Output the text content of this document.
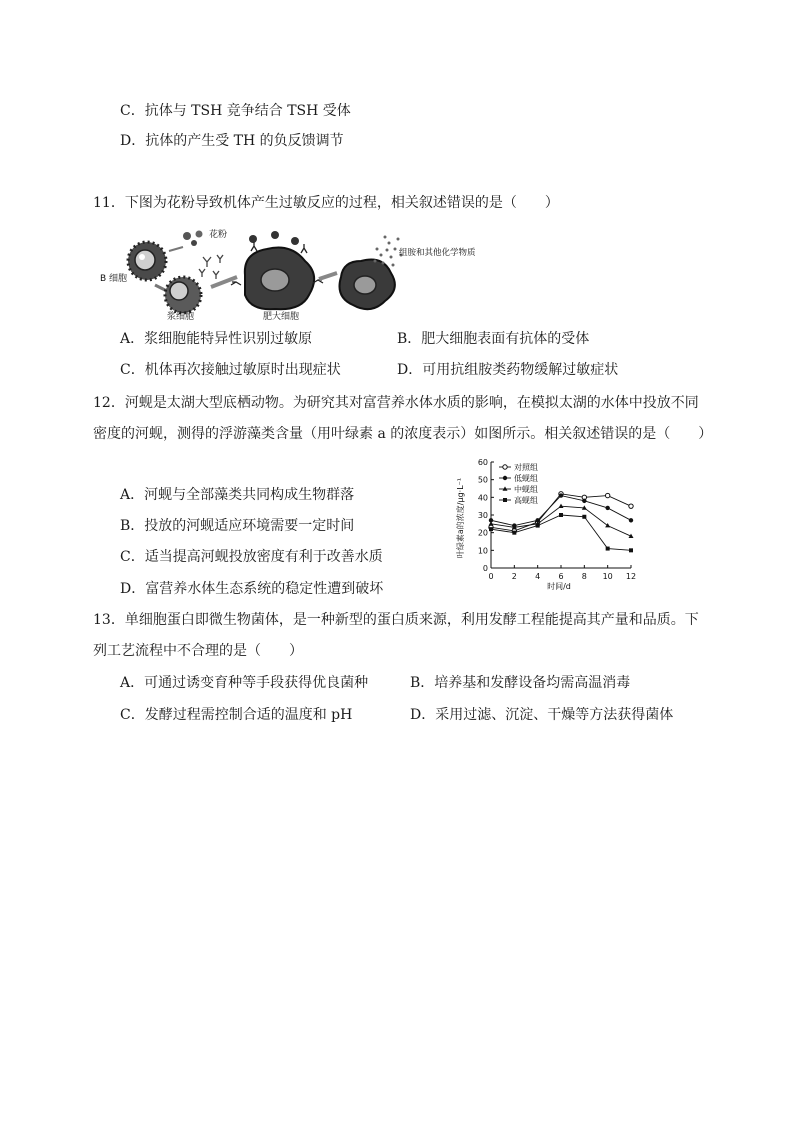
C．抗体与 TSH 竞争结合 TSH 受体
D．抗体的产生受 TH 的负反馈调节
11．下图为花粉导致机体产生过敏反应的过程，相关叙述错误的是（　　）
B 细胞
花粉
浆细胞	肥大细胞
组胺和其他化学物质
A．浆细胞能特异性识别过敏原	B．肥大细胞表面有抗体的受体
C．机体再次接触过敏原时出现症状	D．可用抗组胺类药物缓解过敏症状
12．河蚬是太湖大型底栖动物。为研究其对富营养水体水质的影响，在模拟太湖的水体中投放不同
密度的河蚬，测得的浮游藻类含量（用叶绿素 a 的浓度表示）如图所示。相关叙述错误的是（　　）
A．河蚬与全部藻类共同构成生物群落
B．投放的河蚬适应环境需要一定时间
C．适当提高河蚬投放密度有利于改善水质
D．富营养水体生态系统的稳定性遭到破坏
0
10
20
30
40
50
60
0 2 4 6 8 10 12
对照组
低蚬组
中蚬组
高蚬组
叶绿素a的浓度/μg·L⁻¹
时间/d
13．单细胞蛋白即微生物菌体，是一种新型的蛋白质来源，利用发酵工程能提高其产量和品质。下
列工艺流程中不合理的是（　　）
A．可通过诱变育种等手段获得优良菌种	B．培养基和发酵设备均需高温消毒
C．发酵过程需控制合适的温度和 pH	D．采用过滤、沉淀、干燥等方法获得菌体
